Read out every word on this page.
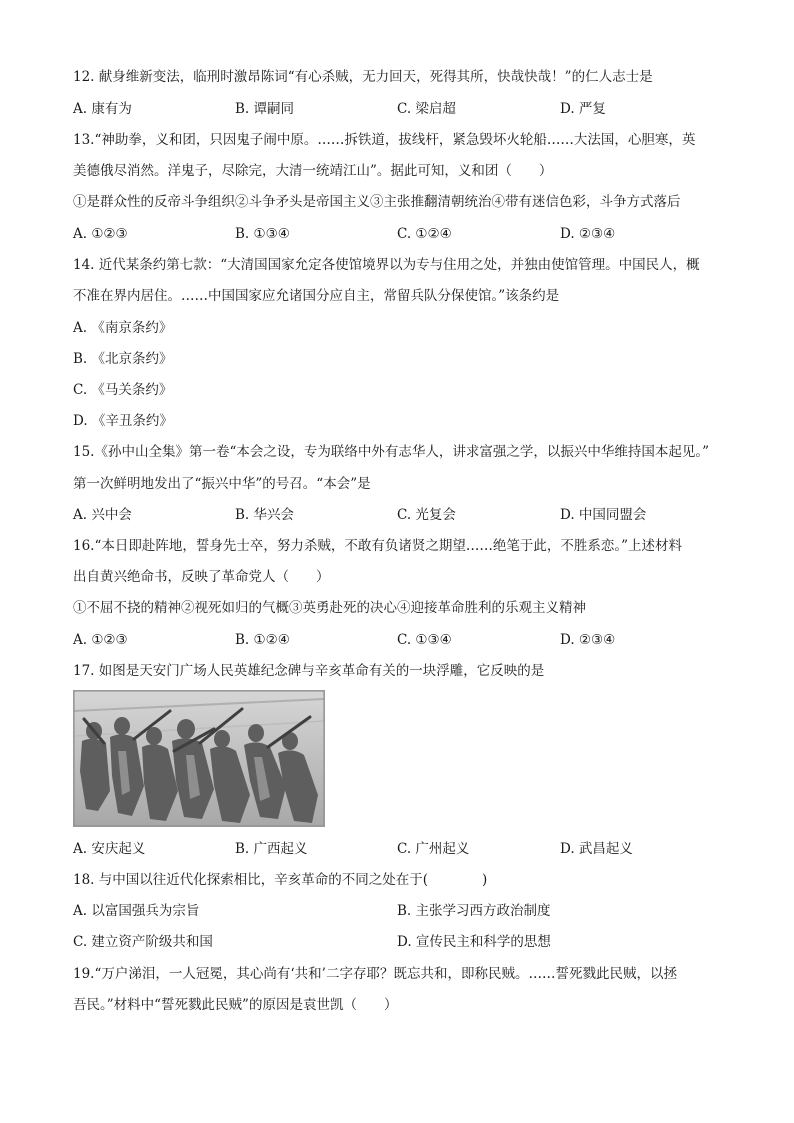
12. 献身维新变法，临刑时激昂陈词“有心杀贼，无力回天，死得其所，快哉快哉！”的仁人志士是
A. 康有为	B. 谭嗣同	C. 梁启超	D. 严复
13.“神助拳，义和团，只因鬼子闹中原。……拆铁道，拔线杆，紧急毁坏火轮船……大法国，心胆寒，英
美德俄尽消然。洋鬼子，尽除完，大清一统靖江山”。据此可知，义和团（　　）
①是群众性的反帝斗争组织②斗争矛头是帝国主义③主张推翻清朝统治④带有迷信色彩，斗争方式落后
A. ①②③	B. ①③④	C. ①②④	D. ②③④
14. 近代某条约第七款：“大清国国家允定各使馆境界以为专与住用之处，并独由使馆管理。中国民人，概
不准在界内居住。……中国国家应允诸国分应自主，常留兵队分保使馆。”该条约是
A. 《南京条约》
B. 《北京条约》
C. 《马关条约》
D. 《辛丑条约》
15.《孙中山全集》第一卷“本会之设，专为联络中外有志华人，讲求富强之学，以振兴中华维持国本起见。”
第一次鲜明地发出了“振兴中华”的号召。“本会”是
A. 兴中会	B. 华兴会	C. 光复会	D. 中国同盟会
16.“本日即赴阵地，誓身先士卒，努力杀贼，不敢有负诸贤之期望……绝笔于此，不胜系恋。”上述材料
出自黄兴绝命书，反映了革命党人（　　）
①不屈不挠的精神②视死如归的气概③英勇赴死的决心④迎接革命胜利的乐观主义精神
A. ①②③	B. ①②④	C. ①③④	D. ②③④
17. 如图是天安门广场人民英雄纪念碑与辛亥革命有关的一块浮雕，它反映的是
A. 安庆起义	B. 广西起义	C. 广州起义	D. 武昌起义
18. 与中国以往近代化探索相比，辛亥革命的不同之处在于(　　　　)
A. 以富国强兵为宗旨	B. 主张学习西方政治制度
C. 建立资产阶级共和国	D. 宣传民主和科学的思想
19.“万户涕泪，一人冠冕，其心尚有‘共和’二字存耶？既忘共和，即称民贼。……誓死戮此民贼，以拯
吾民。”材料中“誓死戮此民贼”的原因是袁世凯（　　）
